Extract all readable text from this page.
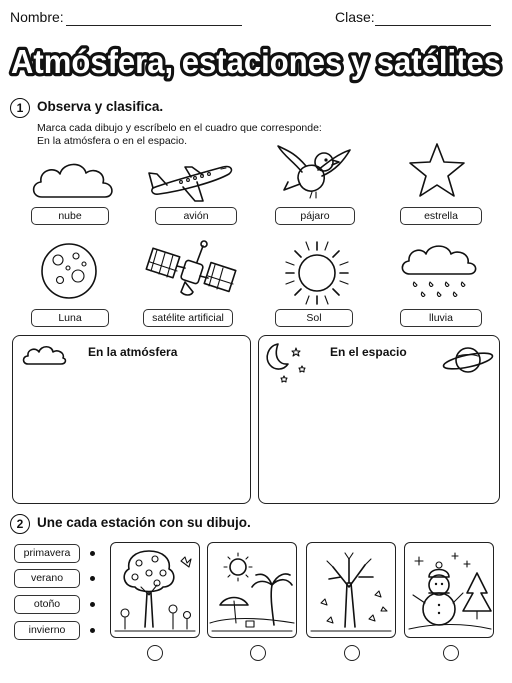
Nombre:	Clase:
Atmósfera, estaciones y satélites
1	Observa y clasifica.
Marca cada dibujo y escríbelo en el cuadro que corresponde:
En la atmósfera o en el espacio.
nube	avión	pájaro	estrella
Luna	satélite artificial	Sol	lluvia
En la atmósfera	En el espacio
2	Une cada estación con su dibujo.
primavera
verano
otoño
invierno
